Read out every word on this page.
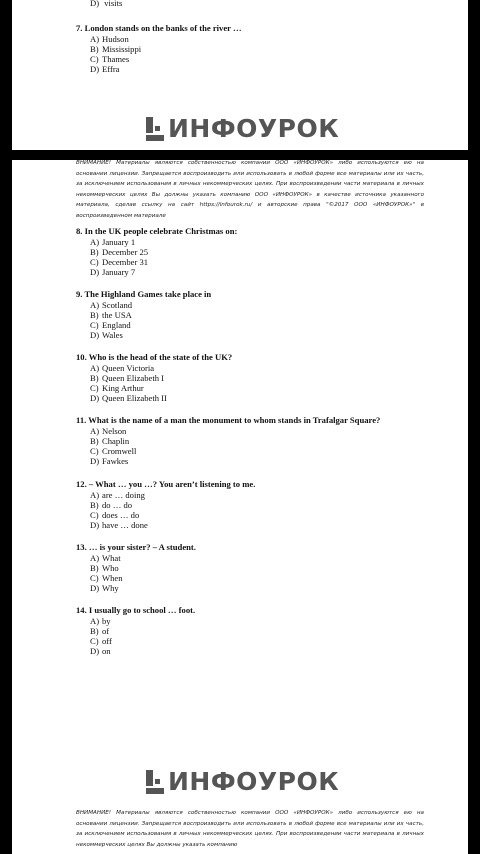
D) visits
7. London stands on the banks of the river …
A) Hudson
B) Mississippi
C) Thames
D) Effra
ИНФОУРОК
ВНИМАНИЕ! Материалы являются собственностью компании ООО «ИНФОУРОК» либо используются ею на основании лицензии. Запрещается воспроизводить или использовать в любой форме все материалы или их часть, за исключением использования в личных некоммерческих целях. При воспроизведении части материала в личных некоммерческих целях Вы должны указать компанию ООО «ИНФОУРОК» в качестве источника указанного материала, сделав ссылку на сайт https://infourok.ru/ и авторские права "©2017 ООО «ИНФОУРОК»" в воспроизведенном материале
8. In the UK people celebrate Christmas on:
A) January 1
B) December 25
C) December 31
D) January 7
9. The Highland Games take place in
A) Scotland
B) the USA
C) England
D) Wales
10. Who is the head of the state of the UK?
A) Queen Victoria
B) Queen Elizabeth I
C) King Arthur
D) Queen Elizabeth II
11. What is the name of a man the monument to whom stands in Trafalgar Square?
A) Nelson
B) Chaplin
C) Cromwell
D) Fawkes
12. – What … you …? You aren’t listening to me.
A) are … doing
B) do … do
C) does … do
D) have … done
13. … is your sister? – A student.
A) What
B) Who
C) When
D) Why
14. I usually go to school … foot.
A) by
B) of
C) off
D) on
ИНФОУРОК
ВНИМАНИЕ! Материалы являются собственностью компании ООО «ИНФОУРОК» либо используются ею на основании лицензии. Запрещается воспроизводить или использовать в любой форме все материалы или их часть, за исключением использования в личных некоммерческих целях. При воспроизведении части материала в личных некоммерческих целях Вы должны указать компанию
